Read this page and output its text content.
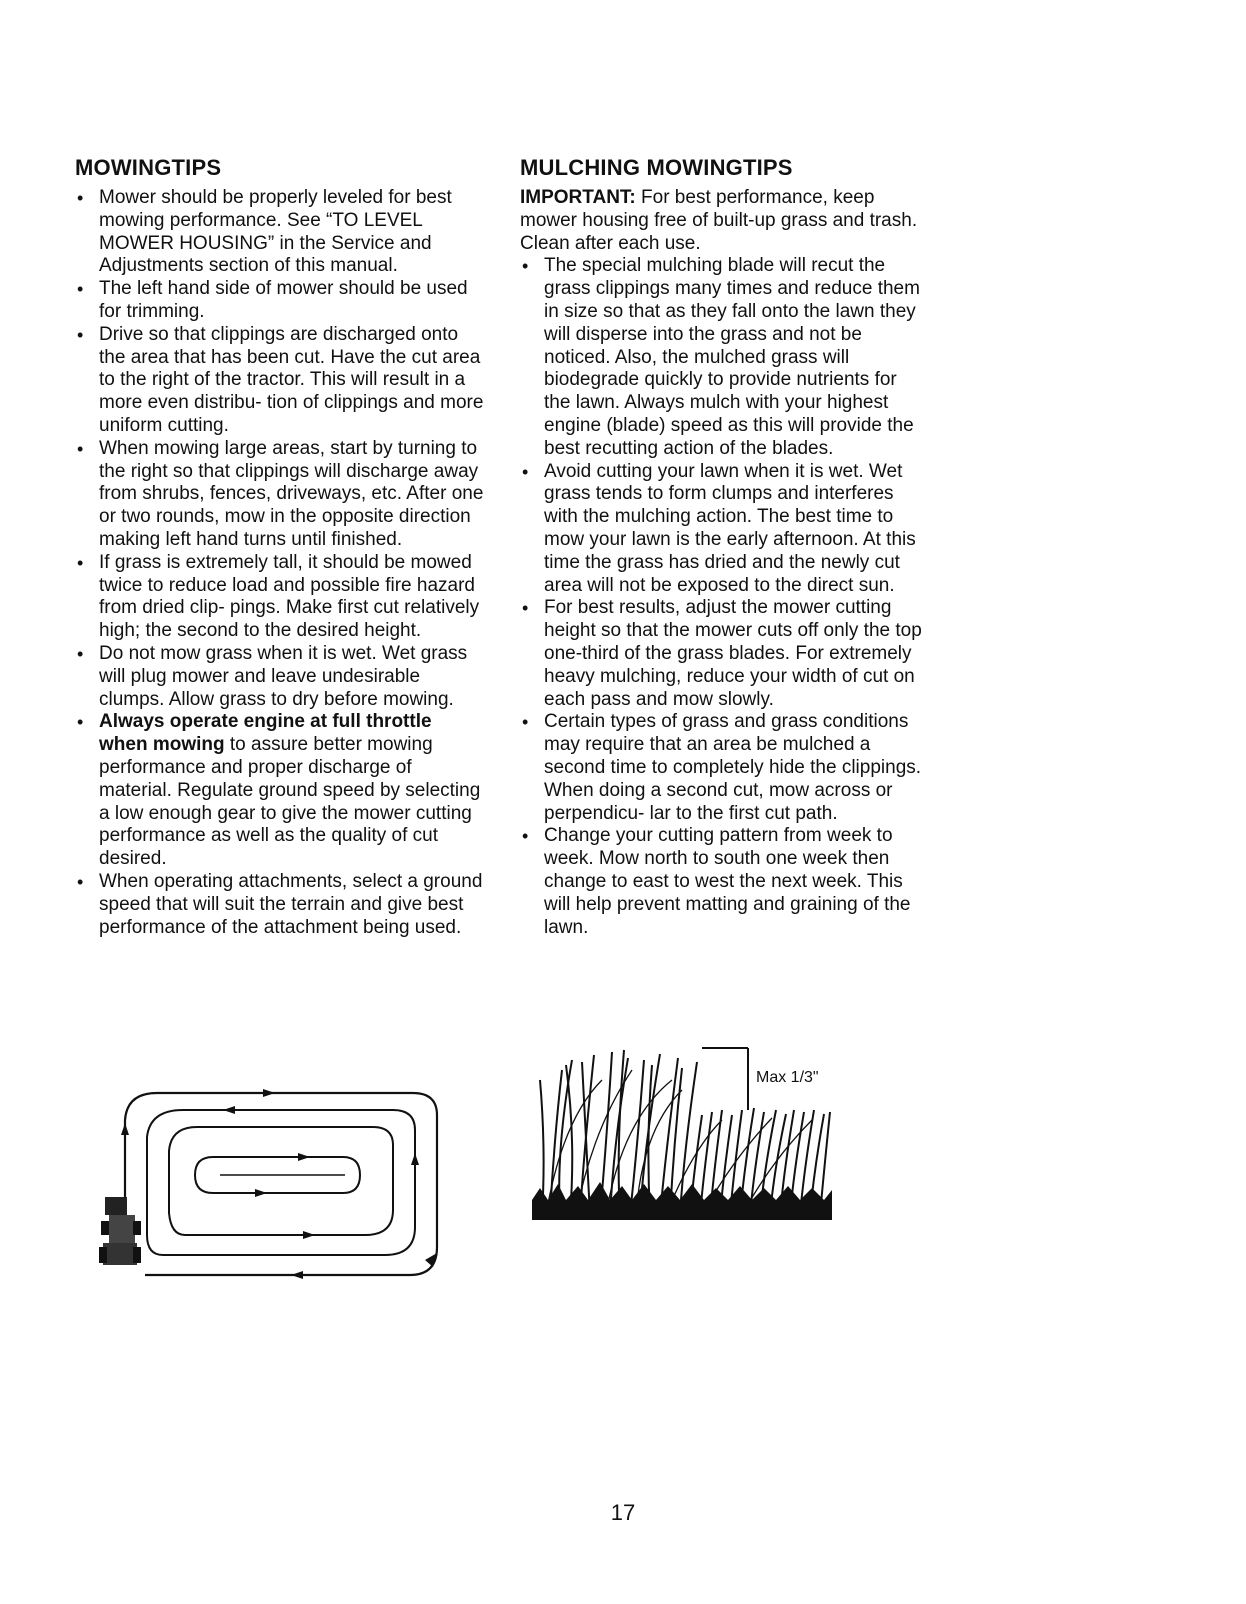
MOWINGTIPS
• Mower should be properly leveled for best mowing performance. See “TO LEVEL MOWER HOUSING” in the Service and Adjustments section of this manual.
• The left hand side of mower should be used for trimming.
• Drive so that clippings are discharged onto the area that has been cut. Have the cut area to the right of the tractor. This will result in a more even distribu- tion of clippings and more uniform cutting.
• When mowing large areas, start by turning to the right so that clippings will discharge away from shrubs, fences, driveways, etc. After one or two rounds, mow in the opposite direction making left hand turns until finished.
• If grass is extremely tall, it should be mowed twice to reduce load and possible fire hazard from dried clip- pings. Make first cut relatively high; the second to the desired height.
• Do not mow grass when it is wet. Wet grass will plug mower and leave undesirable clumps. Allow grass to dry before mowing.
• Always operate engine at full throttle when mowing to assure better mowing performance and proper discharge of material. Regulate ground speed by selecting a low enough gear to give the mower cutting performance as well as the quality of cut desired.
• When operating attachments, select a ground speed that will suit the terrain and give best performance of the attachment being used.
MULCHING MOWINGTIPS

IMPORTANT: For best performance, keep mower housing free of built-up grass and trash. Clean after each use.

• The special mulching blade will recut the grass clippings many times and reduce them in size so that as they fall onto the lawn they will disperse into the grass and not be noticed. Also, the mulched grass will biodegrade quickly to provide nutrients for the lawn. Always mulch with your highest engine (blade) speed as this will provide the best recutting action of the blades.
• Avoid cutting your lawn when it is wet. Wet grass tends to form clumps and interferes with the mulching action. The best time to mow your lawn is the early afternoon. At this time the grass has dried and the newly cut area will not be exposed to the direct sun.
• For best results, adjust the mower cutting height so that the mower cuts off only the top one-third of the grass blades. For extremely heavy mulching, reduce your width of cut on each pass and mow slowly.
• Certain types of grass and grass conditions may require that an area be mulched a second time to completely hide the clippings. When doing a second cut, mow across or perpendicu- lar to the first cut path.
• Change your cutting pattern from week to week. Mow north to south one week then change to east to west the next week. This will help prevent matting and graining of the lawn.
Max 1/3"
17
